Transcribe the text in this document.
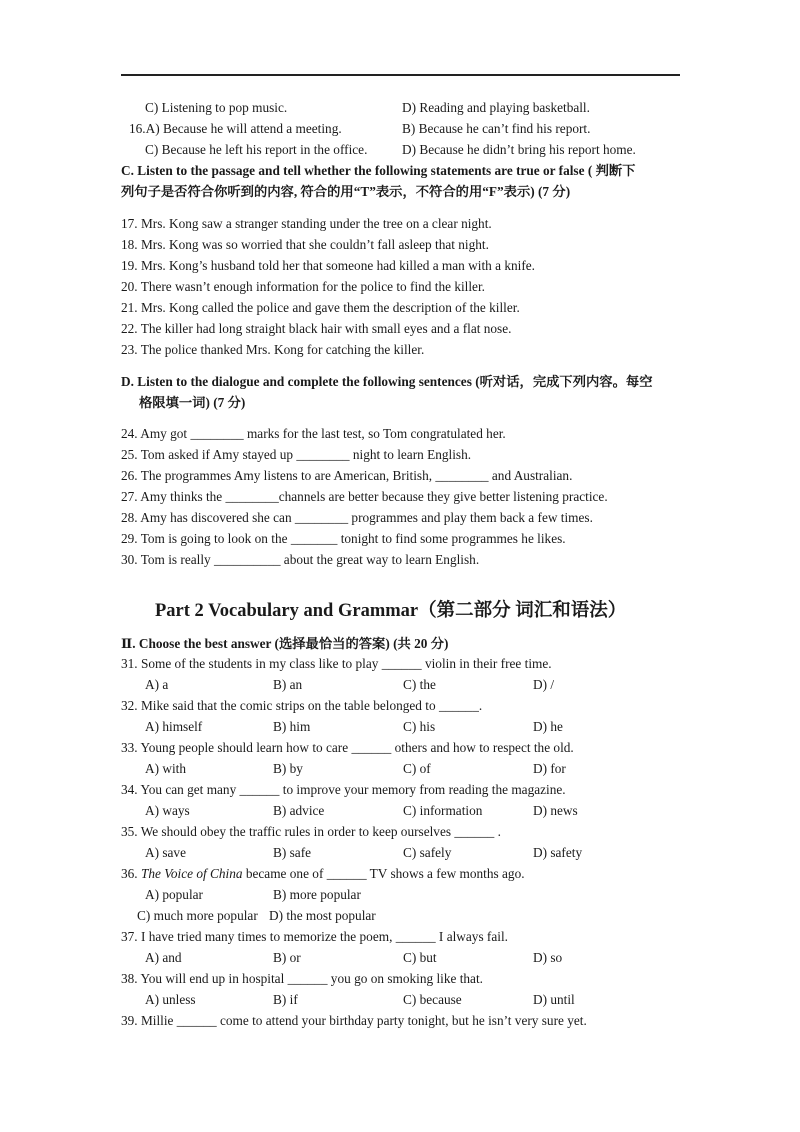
C) Listening to pop music.	D) Reading and playing basketball.
16.A) Because he will attend a meeting.	B) Because he can’t find his report.
C) Because he left his report in the office.	D) Because he didn’t bring his report home.
C. Listen to the passage and tell whether the following statements are true or false ( 判断下
列句子是否符合你听到的内容, 符合的用“T”表示，不符合的用“F”表示) (7 分)
17. Mrs. Kong saw a stranger standing under the tree on a clear night.
18. Mrs. Kong was so worried that she couldn’t fall asleep that night.
19. Mrs. Kong’s husband told her that someone had killed a man with a knife.
20. There wasn’t enough information for the police to find the killer.
21. Mrs. Kong called the police and gave them the description of the killer.
22. The killer had long straight black hair with small eyes and a flat nose.
23. The police thanked Mrs. Kong for catching the killer.
D. Listen to the dialogue and complete the following sentences (听对话，完成下列内容。每空
格限填一词) (7 分)
24. Amy got ________ marks for the last test, so Tom congratulated her.
25. Tom asked if Amy stayed up ________ night to learn English.
26. The programmes Amy listens to are American, British, ________ and Australian.
27. Amy thinks the ________channels are better because they give better listening practice.
28. Amy has discovered she can ________ programmes and play them back a few times.
29. Tom is going to look on the _______ tonight to find some programmes he likes.
30. Tom is really __________ about the great way to learn English.
Part 2 Vocabulary and Grammar（第二部分 词汇和语法）
Ⅱ. Choose the best answer (选择最恰当的答案) (共 20 分)
31. Some of the students in my class like to play ______ violin in their free time.
A) a	B) an	C) the	D) /
32. Mike said that the comic strips on the table belonged to ______.
A) himself	B) him	C) his	D) he
33. Young people should learn how to care ______ others and how to respect the old.
A) with	B) by	C) of	D) for
34. You can get many ______ to improve your memory from reading the magazine.
A) ways	B) advice	C) information	D) news
35. We should obey the traffic rules in order to keep ourselves ______ .
A) save	B) safe	C) safely	D) safety
36. The Voice of China became one of ______ TV shows a few months ago.
A) popular	B) more popular
C) much more popular D) the most popular
37. I have tried many times to memorize the poem, ______ I always fail.
A) and	B) or	C) but	D) so
38. You will end up in hospital ______ you go on smoking like that.
A) unless	B) if	C) because	D) until
39. Millie ______ come to attend your birthday party tonight, but he isn’t very sure yet.
